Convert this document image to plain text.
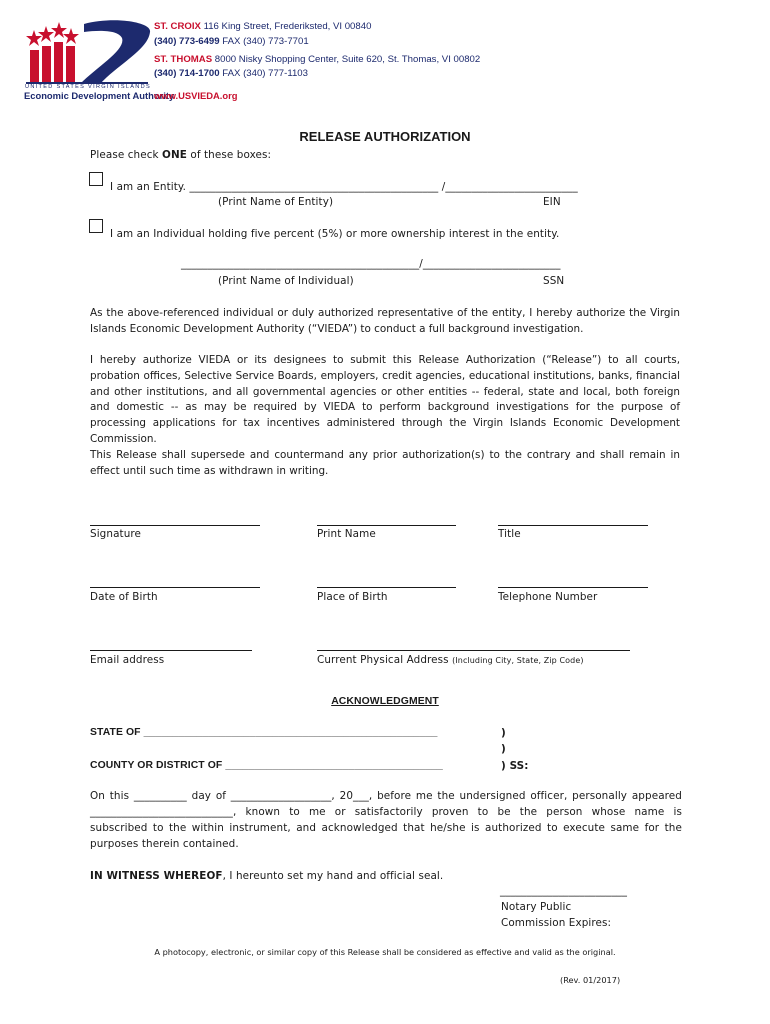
UNITED STATES VIRGIN ISLANDS
Economic Development Authority
www.USVIEDA.org
ST. CROIX 116 King Street, Frederiksted, VI 00840
(340) 773-6499 FAX (340) 773-7701
ST. THOMAS 8000 Nisky Shopping Center, Suite 620, St. Thomas, VI 00802
(340) 714-1700 FAX (340) 777-1103
RELEASE AUTHORIZATION
Please check ONE of these boxes:
I am an Entity. _______________________________________________ /_________________________
(Print Name of Entity)	EIN
I am an Individual holding five percent (5%) or more ownership interest in the entity.
_____________________________________________/__________________________
(Print Name of Individual)	SSN
As the above-referenced individual or duly authorized representative of the entity, I hereby authorize the Virgin Islands Economic Development Authority (“VIEDA”) to conduct a full background investigation.
I hereby authorize VIEDA or its designees to submit this Release Authorization (“Release”) to all courts, probation offices, Selective Service Boards, employers, credit agencies, educational institutions, banks, financial and other institutions, and all governmental agencies or other entities -- federal, state and local, both foreign and domestic -- as may be required by VIEDA to perform background investigations for the purpose of processing applications for tax incentives administered through the Virgin Islands Economic Development Commission.
This Release shall supersede and countermand any prior authorization(s) to the contrary and shall remain in effect until such time as withdrawn in writing.
Signature	Print Name	Title
Date of Birth	Place of Birth	Telephone Number
Email address	Current Physical Address (Including City, State, Zip Code)
ACKNOWLEDGMENT
STATE OF __________________________________________________	)
)
COUNTY OR DISTRICT OF _____________________________________	) SS:
On this __________ day of ___________________, 20___, before me the undersigned officer, personally appeared
___________________________, known to me or satisfactorily proven to be the person whose name is
subscribed to the within instrument, and acknowledged that he/she is authorized to execute same for the
purposes therein contained.
IN WITNESS WHEREOF, I hereunto set my hand and official seal.
________________________
Notary Public
Commission Expires:
A photocopy, electronic, or similar copy of this Release shall be considered as effective and valid as the original.
(Rev. 01/2017)
